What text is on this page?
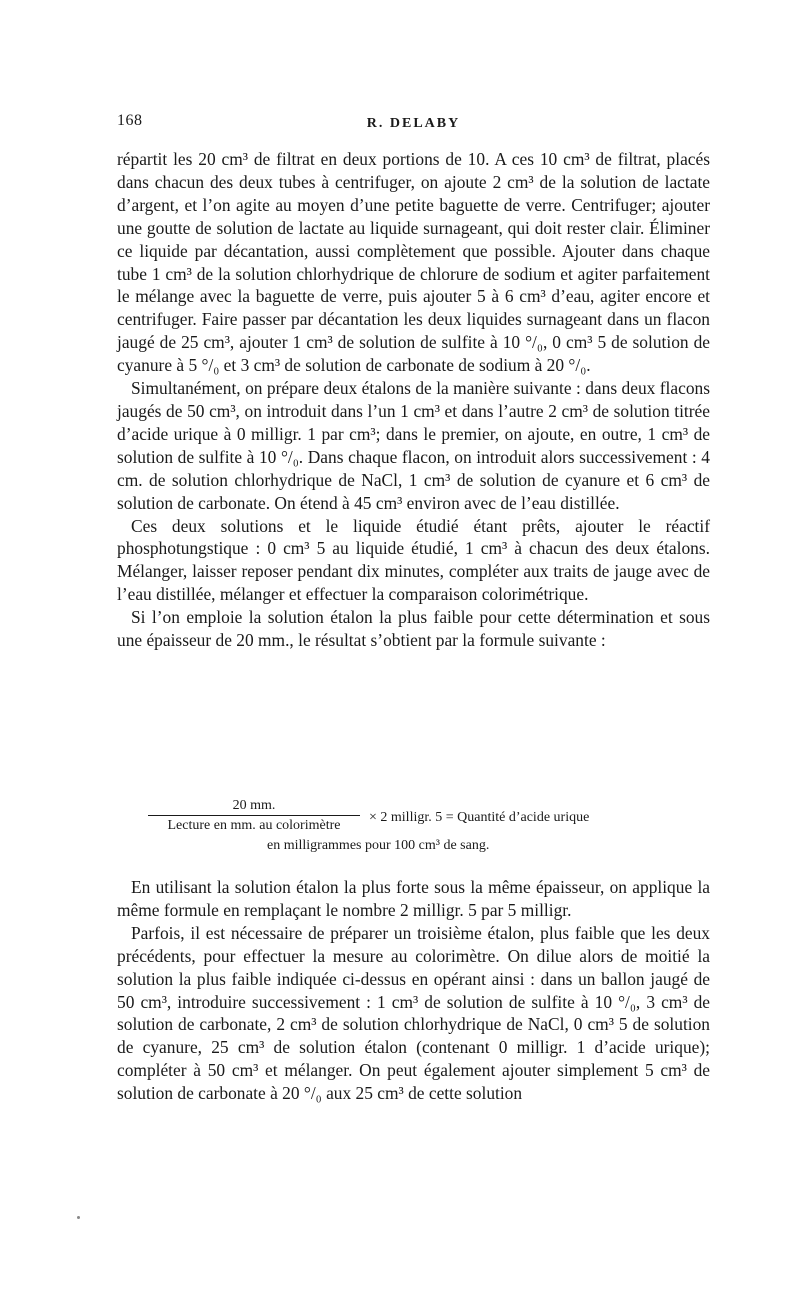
168	R. DELABY

répartit les 20 cm³ de filtrat en deux portions de 10. A ces 10 cm³ de filtrat, placés dans chacun des deux tubes à centrifuger, on ajoute 2 cm³ de la solution de lactate d’argent, et l’on agite au moyen d’une petite baguette de verre. Centrifuger; ajouter une goutte de solution de lactate au liquide surnageant, qui doit rester clair. Éliminer ce liquide par décantation, aussi complètement que possible. Ajouter dans chaque tube 1 cm³ de la solution chlorhydrique de chlorure de sodium et agiter parfaitement le mélange avec la baguette de verre, puis ajouter 5 à 6 cm³ d’eau, agiter encore et centrifuger. Faire passer par décantation les deux liquides surnageant dans un flacon jaugé de 25 cm³, ajouter 1 cm³ de solution de sulfite à 10 °/₀, 0 cm³ 5 de solution de cyanure à 5 °/₀ et 3 cm³ de solution de carbonate de sodium à 20 °/₀.

Simultanément, on prépare deux étalons de la manière suivante : dans deux flacons jaugés de 50 cm³, on introduit dans l’un 1 cm³ et dans l’autre 2 cm³ de solution titrée d’acide urique à 0 milligr. 1 par cm³; dans le premier, on ajoute, en outre, 1 cm³ de solution de sulfite à 10 °/₀. Dans chaque flacon, on introduit alors successivement : 4 cm. de solution chlorhydrique de NaCl, 1 cm³ de solution de cyanure et 6 cm³ de solution de carbonate. On étend à 45 cm³ environ avec de l’eau distillée.

Ces deux solutions et le liquide étudié étant prêts, ajouter le réactif phosphotungstique : 0 cm³ 5 au liquide étudié, 1 cm³ à chacun des deux étalons. Mélanger, laisser reposer pendant dix minutes, compléter aux traits de jauge avec de l’eau distillée, mélanger et effectuer la comparaison colorimétrique.

Si l’on emploie la solution étalon la plus faible pour cette détermination et sous une épaisseur de 20 mm., le résultat s’obtient par la formule suivante :

20 mm.
Lecture en mm. au colorimètre
× 2 milligr. 5 = Quantité d’acide urique
en milligrammes pour 100 cm³ de sang.

En utilisant la solution étalon la plus forte sous la même épaisseur, on applique la même formule en remplaçant le nombre 2 milligr. 5 par 5 milligr.

Parfois, il est nécessaire de préparer un troisième étalon, plus faible que les deux précédents, pour effectuer la mesure au colorimètre. On dilue alors de moitié la solution la plus faible indiquée ci-dessus en opérant ainsi : dans un ballon jaugé de 50 cm³, introduire successivement : 1 cm³ de solution de sulfite à 10 °/₀, 3 cm³ de solution de carbonate, 2 cm³ de solution chlorhydrique de NaCl, 0 cm³ 5 de solution de cyanure, 25 cm³ de solution étalon (contenant 0 milligr. 1 d’acide urique); compléter à 50 cm³ et mélanger. On peut également ajouter simplement 5 cm³ de solution de carbonate à 20 °/₀ aux 25 cm³ de cette solution
